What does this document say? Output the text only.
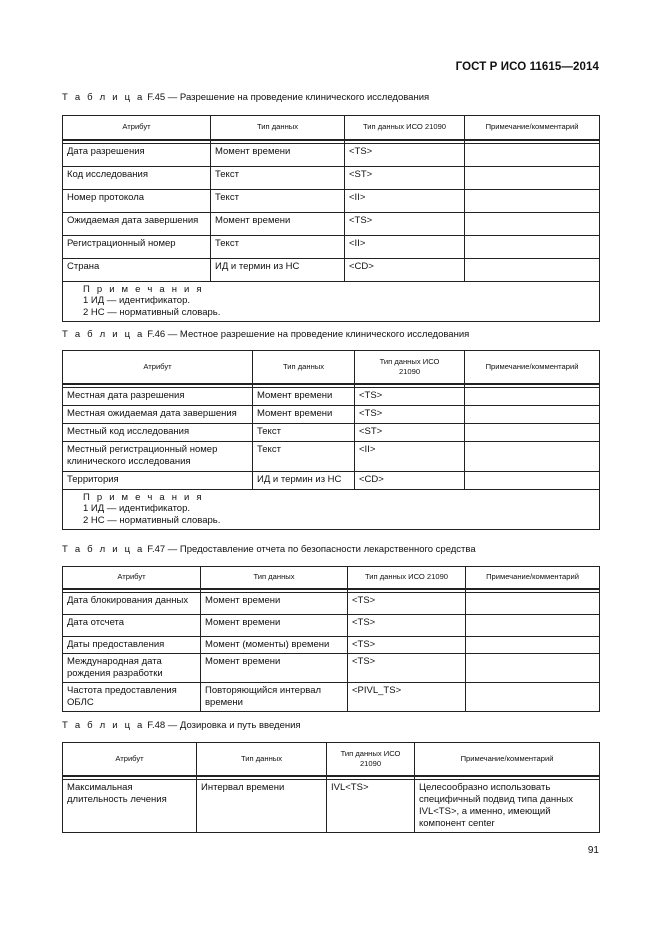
ГОСТ Р ИСО 11615—2014
Т а б л и ц а F.45 — Разрешение на проведение клинического исследования
Атрибут	Тип данных	Тип данных ИСО 21090	Примечание/комментарий

Дата разрешения	Момент времени	<TS>	
Код исследования	Текст	<ST>	
Номер протокола	Текст	<II>	
Ожидаемая дата завершения	Момент времени	<TS>	
Регистрационный номер	Текст	<II>	
Страна	ИД и термин из НС	<CD>	

П р и м е ч а н и я
1 ИД — идентификатор.
2 НС — нормативный словарь.			
Т а б л и ц а F.46 — Местное разрешение на проведение клинического исследования
Атрибут	Тип данных	Тип данных ИСО 21090	Примечание/комментарий

Местная дата разрешения	Момент времени	<TS>	
Местная ожидаемая дата завершения	Момент времени	<TS>	
Местный код исследования	Текст	<ST>	
Местный регистрационный номер клинического исследования	Текст	<II>	
Территория	ИД и термин из НС	<CD>	

П р и м е ч а н и я
1 ИД — идентификатор.
2 НС — нормативный словарь.			
Т а б л и ц а F.47 — Предоставление отчета по безопасности лекарственного средства
Атрибут	Тип данных	Тип данных ИСО 21090	Примечание/комментарий

Дата блокирования данных	Момент времени	<TS>	
Дата отсчета	Момент времени	<TS>	
Даты предоставления	Момент (моменты) времени	<TS>	
Международная дата рождения разработки	Момент времени	<TS>	
Частота предоставления ОБЛС	Повторяющийся интервал времени	<PIVL_TS>	
Т а б л и ц а F.48 — Дозировка и путь введения
Атрибут	Тип данных	Тип данных ИСО 21090	Примечание/комментарий

Максимальная длительность лечения	Интервал времени	IVL<TS>	Целесообразно использовать специфичный подвид типа данных IVL<TS>, а именно, имеющий компонент center
91
